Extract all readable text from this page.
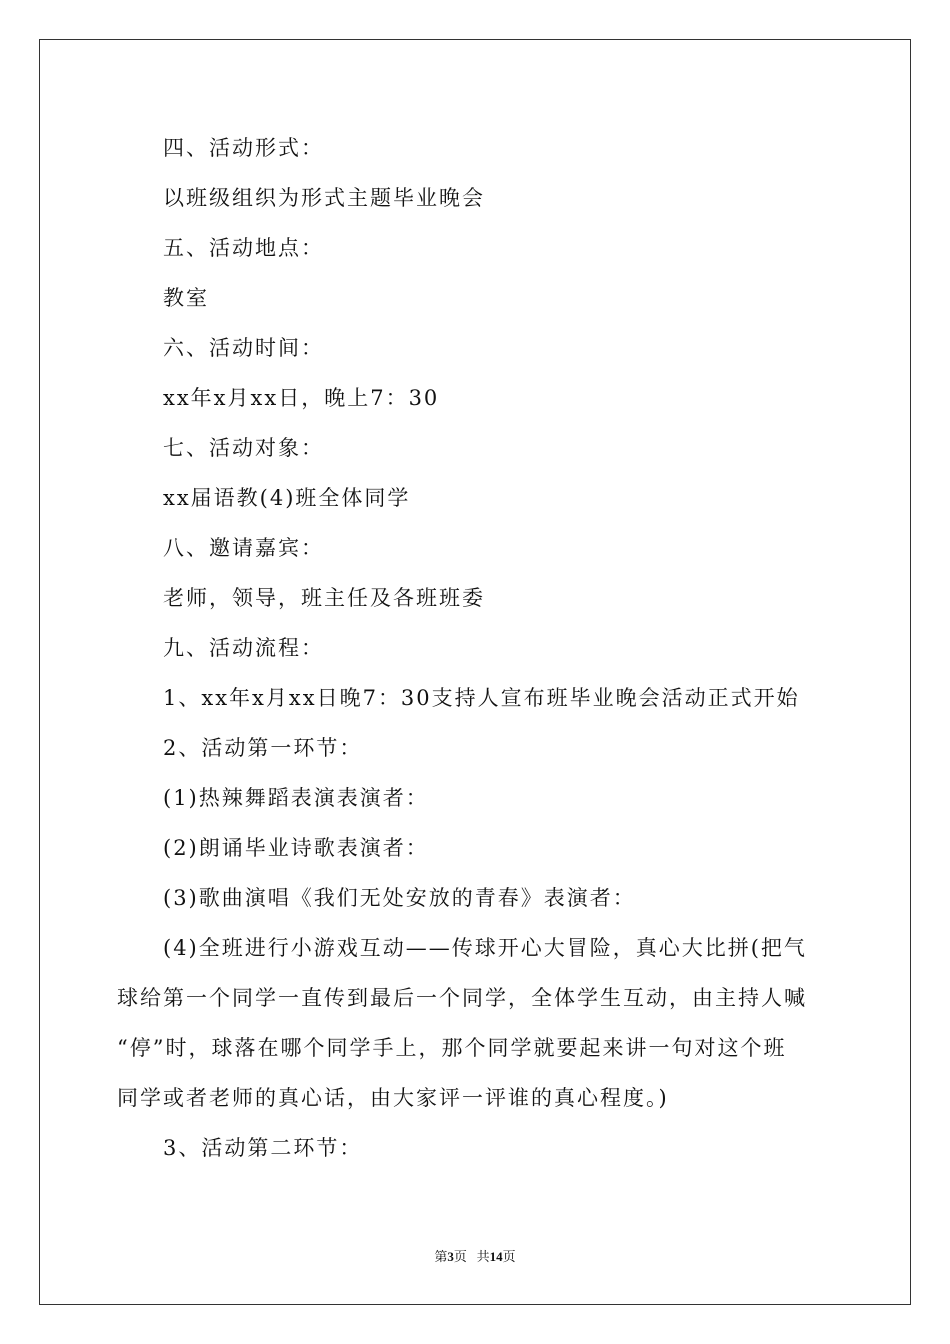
四、活动形式：
以班级组织为形式主题毕业晚会
五、活动地点：
教室
六、活动时间：
xx年x月xx日，晚上7：30
七、活动对象：
xx届语教(4)班全体同学
八、邀请嘉宾：
老师，领导，班主任及各班班委
九、活动流程：
1、xx年x月xx日晚7：30支持人宣布班毕业晚会活动正式开始
2、活动第一环节：
(1)热辣舞蹈表演表演者：
(2)朗诵毕业诗歌表演者：
(3)歌曲演唱《我们无处安放的青春》表演者：
(4)全班进行小游戏互动——传球开心大冒险，真心大比拼(把气
球给第一个同学一直传到最后一个同学，全体学生互动，由主持人喊
“停”时，球落在哪个同学手上，那个同学就要起来讲一句对这个班
同学或者老师的真心话，由大家评一评谁的真心程度。)
3、活动第二环节：
第3页   共14页
